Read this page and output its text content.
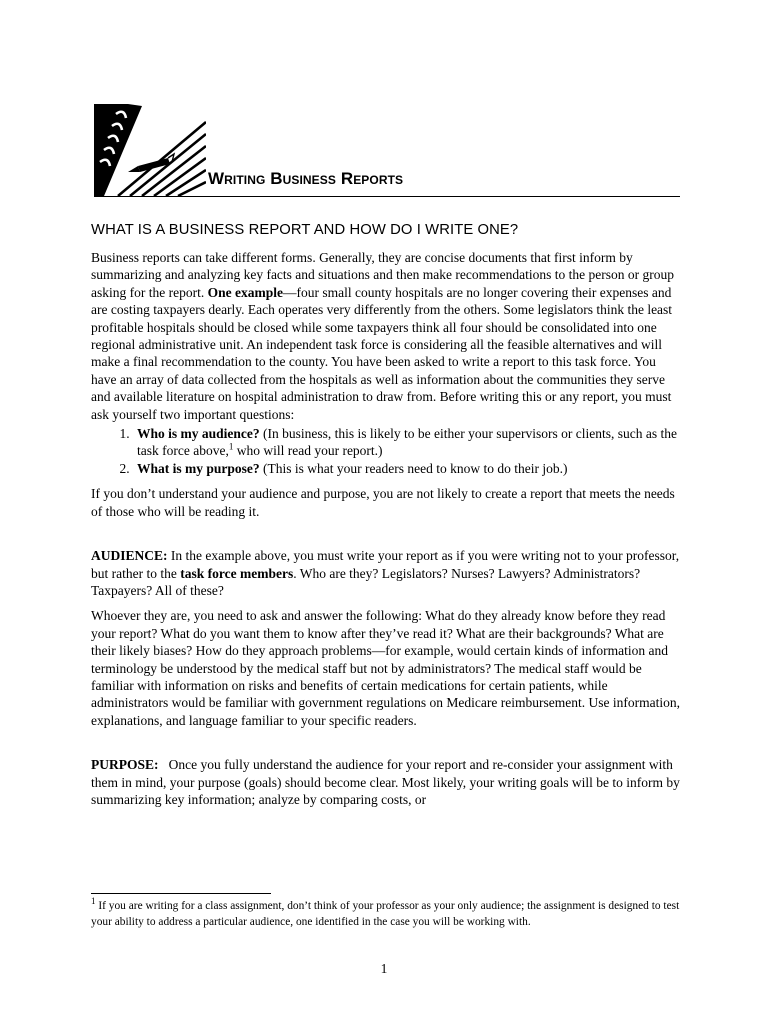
Writing Business Reports
WHAT IS A BUSINESS REPORT AND HOW DO I WRITE ONE?

Business reports can take different forms. Generally, they are concise documents that first inform by summarizing and analyzing key facts and situations and then make recommendations to the person or group asking for the report. One example—four small county hospitals are no longer covering their expenses and are costing taxpayers dearly. Each operates very differently from the others. Some legislators think the least profitable hospitals should be closed while some taxpayers think all four should be consolidated into one regional administrative unit. An independent task force is considering all the feasible alternatives and will make a final recommendation to the county. You have been asked to write a report to this task force. You have an array of data collected from the hospitals as well as information about the communities they serve and available literature on hospital administration to draw from. Before writing this or any report, you must ask yourself two important questions:

1. Who is my audience? (In business, this is likely to be either your supervisors or clients, such as the task force above,$^1$ who will read your report.)
2. What is my purpose? (This is what your readers need to know to do their job.)

If you don’t understand your audience and purpose, you are not likely to create a report that meets the needs of those who will be reading it.

AUDIENCE: In the example above, you must write your report as if you were writing not to your professor, but rather to the task force members. Who are they? Legislators? Nurses? Lawyers? Administrators? Taxpayers? All of these?

Whoever they are, you need to ask and answer the following: What do they already know before they read your report? What do you want them to know after they’ve read it? What are their backgrounds? What are their likely biases? How do they approach problems—for example, would certain kinds of information and terminology be understood by the medical staff but not by administrators? The medical staff would be familiar with information on risks and benefits of certain medications for certain patients, while administrators would be familiar with government regulations on Medicare reimbursement. Use information, explanations, and language familiar to your specific readers.

PURPOSE:   Once you fully understand the audience for your report and re-consider your assignment with them in mind, your purpose (goals) should become clear. Most likely, your writing goals will be to inform by summarizing key information; analyze by comparing costs, or

$^1$ If you are writing for a class assignment, don’t think of your professor as your only audience; the assignment is designed to test your ability to address a particular audience, one identified in the case you will be working with.
1
